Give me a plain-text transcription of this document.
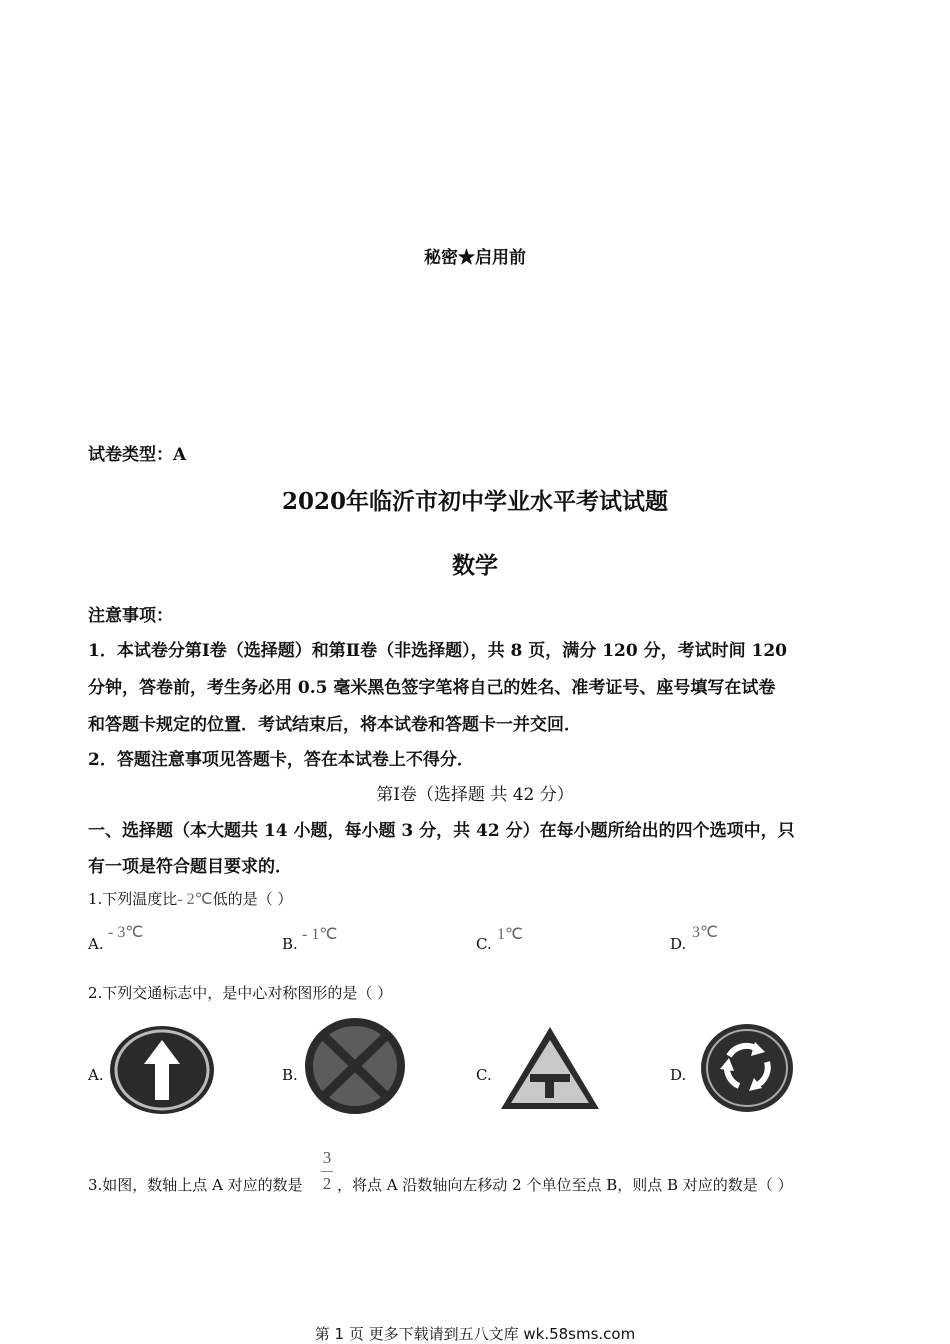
秘密★启用前
试卷类型：A
2020年临沂市初中学业水平考试试题
数学
注意事项：
1．本试卷分第Ⅰ卷（选择题）和第Ⅱ卷（非选择题），共 8 页，满分 120 分，考试时间 120
分钟，答卷前，考生务必用 0.5 毫米黑色签字笔将自己的姓名、准考证号、座号填写在试卷
和答题卡规定的位置．考试结束后，将本试卷和答题卡一并交回．
2．答题注意事项见答题卡，答在本试卷上不得分．
第Ⅰ卷（选择题 共 42 分）
一、选择题（本大题共 14 小题，每小题 3 分，共 42 分）在每小题所给出的四个选项中，只
有一项是符合题目要求的．
1.下列温度比- 2℃低的是（ ）
A.
- 3℃
B.
- 1℃
C.
1℃
D.
3℃
2.下列交通标志中，是中心对称图形的是（ ）
A.	B.	C.	D.
3.如图，数轴上点 A 对应的数是
3
2 ，将点 A 沿数轴向左移动 2 个单位至点 B，则点 B 对应的数是（ ）
第 1 页 更多下载请到五八文库 wk.58sms.com
